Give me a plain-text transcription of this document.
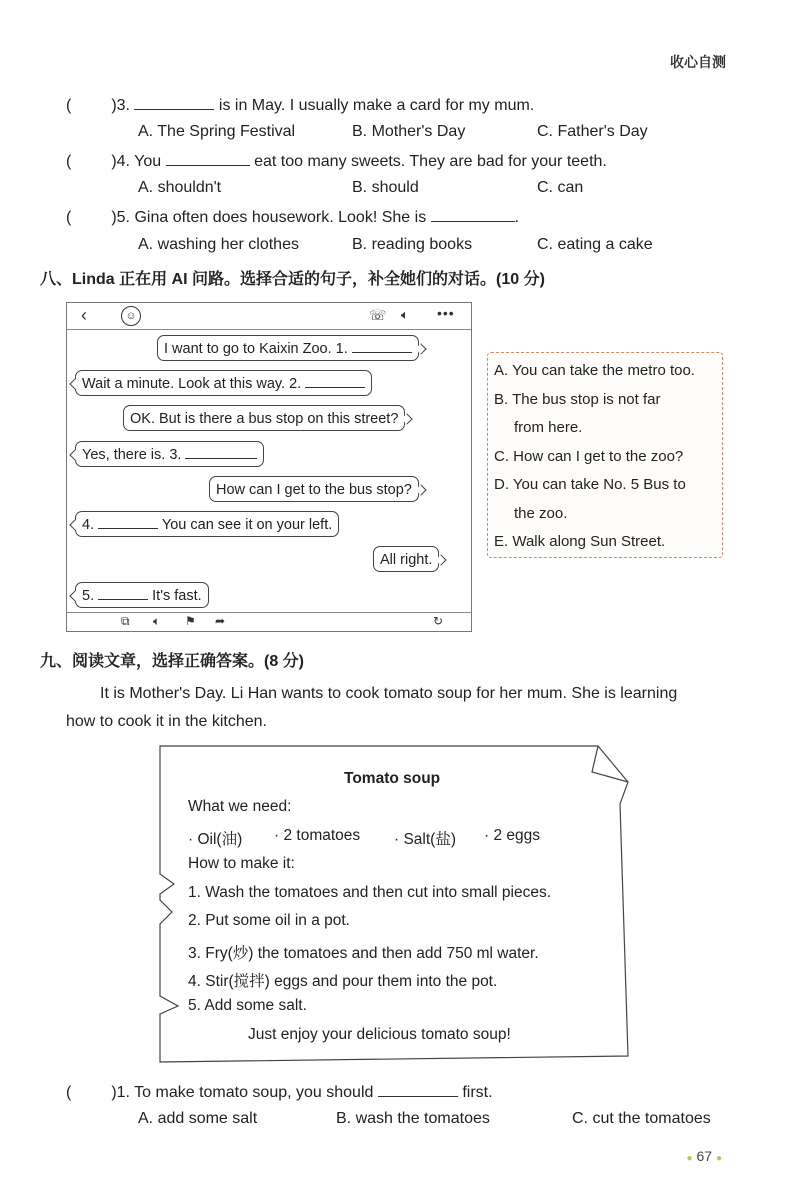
收心自测
(	)3.	is in May. I usually make a card for my mum.
A. The Spring Festival	B. Mother's Day	C. Father's Day
(	)4. You	eat too many sweets. They are bad for your teeth.
A. shouldn't	B. should	C. can
(	)5. Gina often does housework. Look! She is	.
A. washing her clothes	B. reading books	C. eating a cake
八、Linda 正在用 AI 问路。选择合适的句子，补全她们的对话。(10 分)
‹	☺	☏ 🔈︎ •••
I want to go to Kaixin Zoo. 1.
Wait a minute. Look at this way. 2.
OK. But is there a bus stop on this street?
Yes, there is. 3.
How can I get to the bus stop?
4.	You can see it on your left.
All right.
5.	It's fast.
⧉ 🔈︎ ⚑ ➦	↻
A. You can take the metro too.
B. The bus stop is not far
from here.
C. How can I get to the zoo?
D. You can take No. 5 Bus to
the zoo.
E. Walk along Sun Street.
九、阅读文章，选择正确答案。(8 分)
It is Mother's Day. Li Han wants to cook tomato soup for her mum. She is learning
how to cook it in the kitchen.
Tomato soup
What we need:
· Oil(油) · 2 tomatoes · Salt(盐) · 2 eggs
How to make it:
1. Wash the tomatoes and then cut into small pieces.
2. Put some oil in a pot.
3. Fry(炒) the tomatoes and then add 750 ml water.
4. Stir(搅拌) eggs and pour them into the pot.
5. Add some salt.
Just enjoy your delicious tomato soup!
(	)1. To make tomato soup, you should	first.
A. add some salt	B. wash the tomatoes	C. cut the tomatoes
● 67 ●
